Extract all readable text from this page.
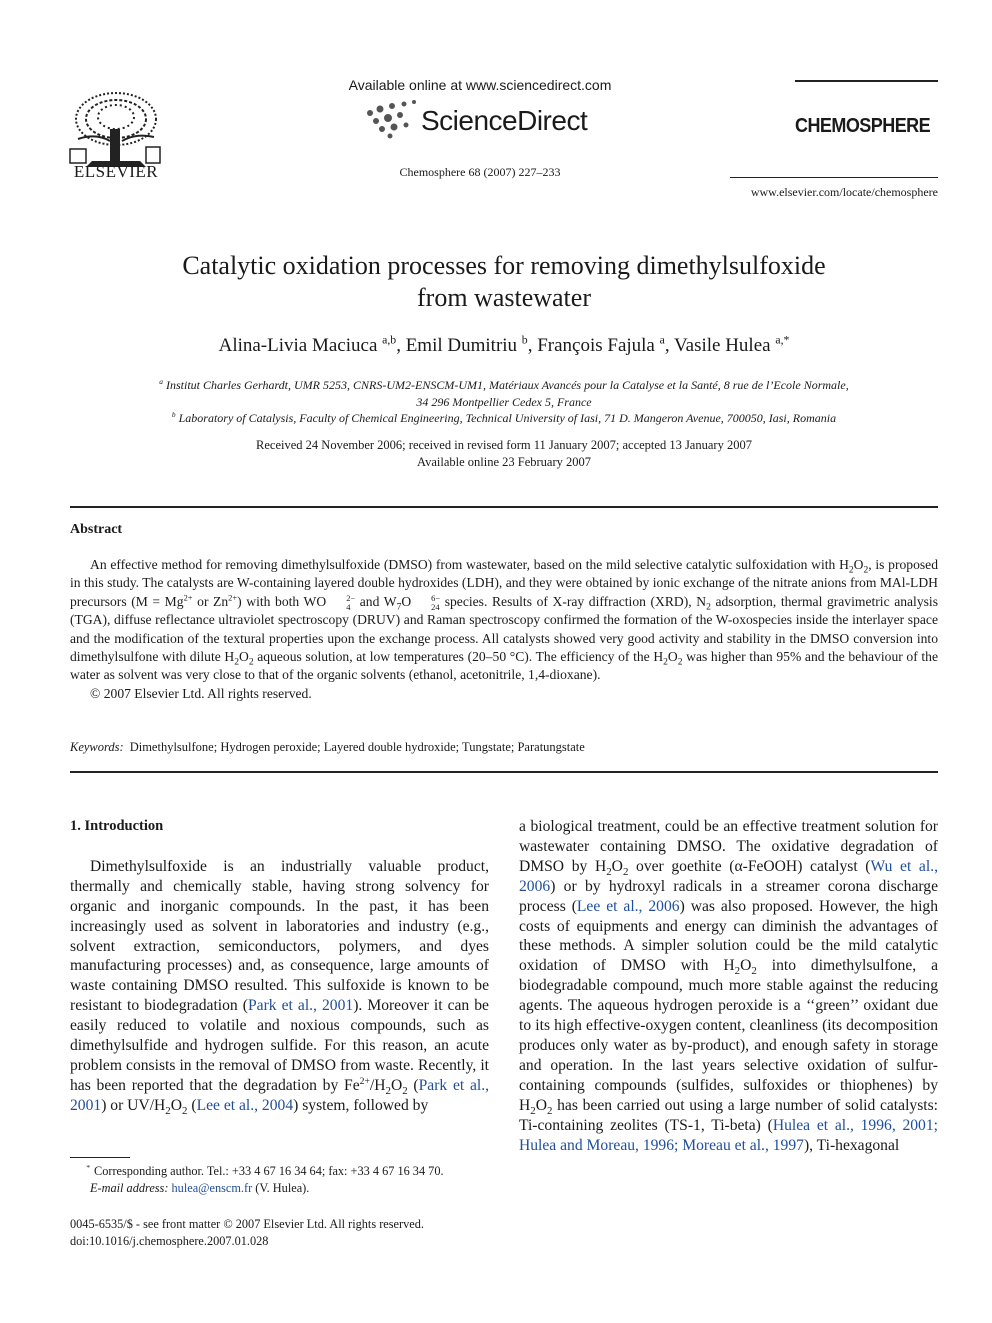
ELSEVIER
Available online at www.sciencedirect.com
ScienceDirect
Chemosphere 68 (2007) 227–233
CHEMOSPHERE
www.elsevier.com/locate/chemosphere
Catalytic oxidation processes for removing dimethylsulfoxide
from wastewater
Alina-Livia Maciuca $^{a,b}$, Emil Dumitriu $^b$, François Fajula $^a$, Vasile Hulea $^{a,*}$
$^a$ Institut Charles Gerhardt, UMR 5253, CNRS-UM2-ENSCM-UM1, Matériaux Avancés pour la Catalyse et la Santé, 8 rue de l’Ecole Normale,
34 296 Montpellier Cedex 5, France
$^b$ Laboratory of Catalysis, Faculty of Chemical Engineering, Technical University of Iasi, 71 D. Mangeron Avenue, 700050, Iasi, Romania
Received 24 November 2006; received in revised form 11 January 2007; accepted 13 January 2007
Available online 23 February 2007
Abstract

An effective method for removing dimethylsulfoxide (DMSO) from wastewater, based on the mild selective catalytic sulfoxidation with $H_2O_2$, is proposed in this study. The catalysts are W-containing layered double hydroxides (LDH), and they were obtained by ionic exchange of the nitrate anions from MAl-LDH precursors ($M = Mg^{2+}$ or $Zn^{2+}$) with both WO	2−
4 and $W_7O$	6−
24 species. Results of X-ray diffraction (XRD), $N_2$ adsorption, thermal gravimetric analysis (TGA), diffuse reflectance ultraviolet spectroscopy (DRUV) and Raman spectroscopy confirmed the formation of the W-oxospecies inside the interlayer space and the modification of the textural properties upon the exchange process. All catalysts showed very good activity and stability in the DMSO conversion into dimethylsulfone with dilute $H_2O_2$ aqueous solution, at low temperatures (20–50 °C). The efficiency of the $H_2O_2$ was higher than 95% and the behaviour of the water as solvent was very close to that of the organic solvents (ethanol, acetonitrile, 1,4-dioxane).

© 2007 Elsevier Ltd. All rights reserved.

Keywords: Dimethylsulfone; Hydrogen peroxide; Layered double hydroxide; Tungstate; Paratungstate
1. Introduction

Dimethylsulfoxide is an industrially valuable product, thermally and chemically stable, having strong solvency for organic and inorganic compounds. In the past, it has been increasingly used as solvent in laboratories and industry (e.g., solvent extraction, semiconductors, polymers, and dyes manufacturing processes) and, as consequence, large amounts of waste containing DMSO resulted. This sulfoxide is known to be resistant to biodegradation (Park et al., 2001). Moreover it can be easily reduced to volatile and noxious compounds, such as dimethylsulfide and hydrogen sulfide. For this reason, an acute problem consists in the removal of DMSO from waste. Recently, it has been reported that the degradation by $Fe^{2+}/H_2O_2$ (Park et al., 2001) or $UV/H_2O_2$ (Lee et al., 2004) system, followed by

a biological treatment, could be an effective treatment solution for wastewater containing DMSO. The oxidative degradation of DMSO by $H_2O_2$ over goethite (α-FeOOH) catalyst (Wu et al., 2006) or by hydroxyl radicals in a streamer corona discharge process (Lee et al., 2006) was also proposed. However, the high costs of equipments and energy can diminish the advantages of these methods. A simpler solution could be the mild catalytic oxidation of DMSO with $H_2O_2$ into dimethylsulfone, a biodegradable compound, much more stable against the reducing agents. The aqueous hydrogen peroxide is a ‘‘green’’ oxidant due to its high effective-oxygen content, cleanliness (its decomposition produces only water as by-product), and enough safety in storage and operation. In the last years selective oxidation of sulfur-containing compounds (sulfides, sulfoxides or thiophenes) by $H_2O_2$ has been carried out using a large number of solid catalysts: Ti-containing zeolites (TS-1, Ti-beta) (Hulea et al., 1996, 2001; Hulea and Moreau, 1996; Moreau et al., 1997), Ti-hexagonal

* Corresponding author. Tel.: +33 4 67 16 34 64; fax: +33 4 67 16 34 70.
E-mail address: hulea@enscm.fr (V. Hulea).
0045-6535/$ - see front matter © 2007 Elsevier Ltd. All rights reserved.
doi:10.1016/j.chemosphere.2007.01.028
